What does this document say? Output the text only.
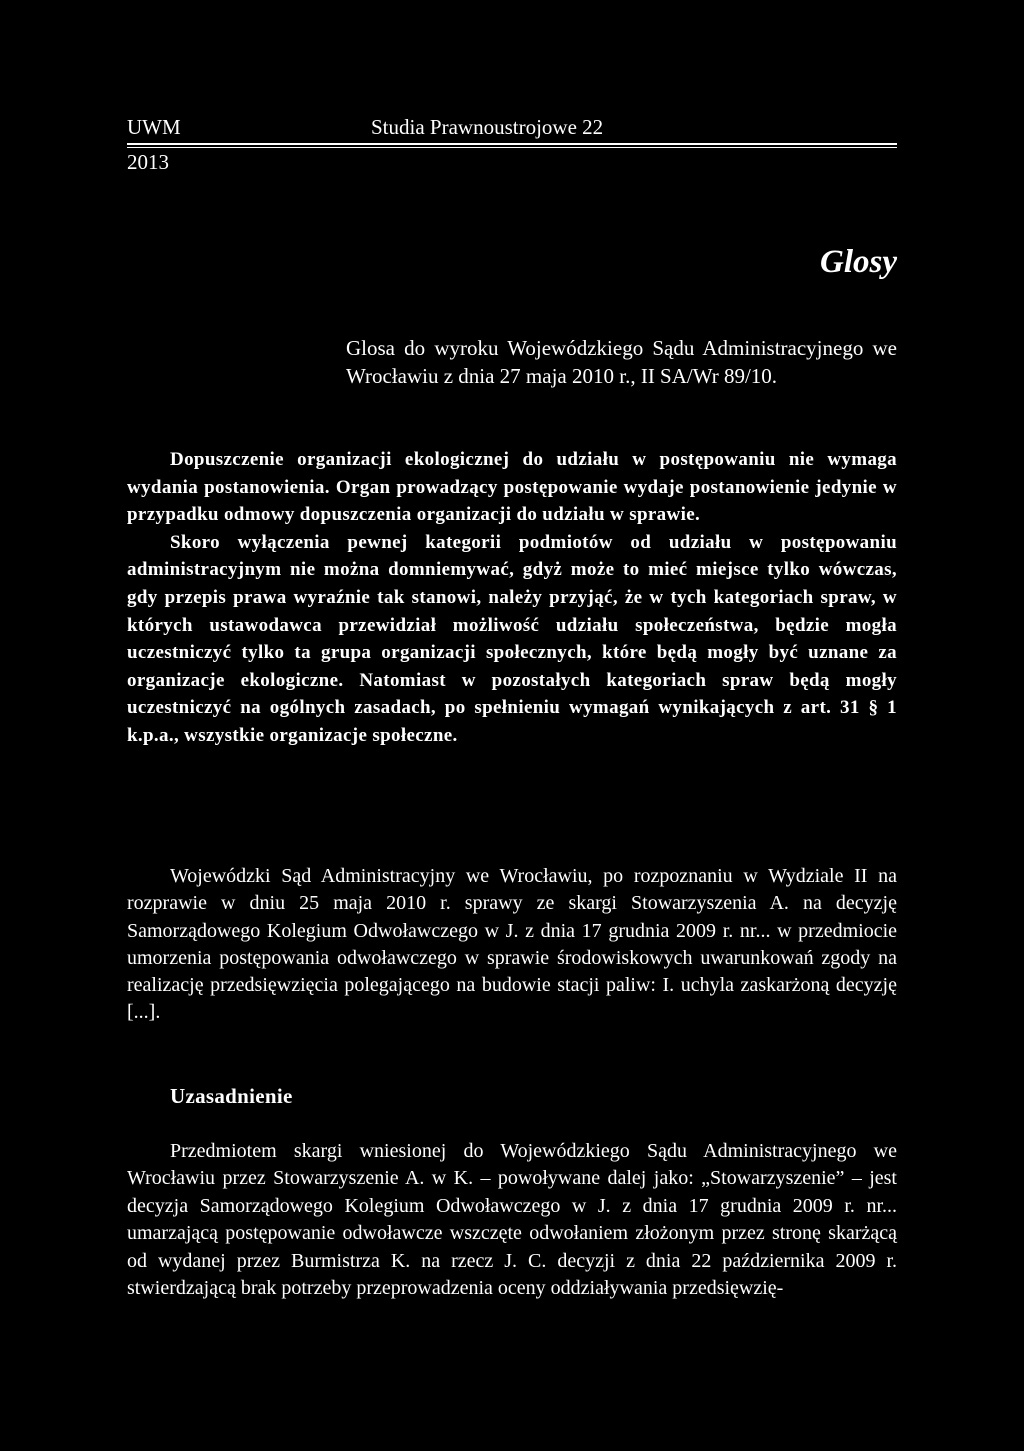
UWM	Studia Prawnoustrojowe 22
2013
Glosy
Glosa do wyroku Wojewódzkiego Sądu Administracyjnego we Wrocławiu z dnia 27 maja 2010 r., II SA/Wr 89/10.

Dopuszczenie organizacji ekologicznej do udziału w postępowaniu nie wymaga wydania postanowienia. Organ prowadzący postępowanie wydaje postanowienie jedynie w przypadku odmowy dopuszczenia organizacji do udziału w sprawie.

Skoro wyłączenia pewnej kategorii podmiotów od udziału w postępowaniu administracyjnym nie można domniemywać, gdyż może to mieć miejsce tylko wówczas, gdy przepis prawa wyraźnie tak stanowi, należy przyjąć, że w tych kategoriach spraw, w których ustawodawca przewidział możliwość udziału społeczeństwa, będzie mogła uczestniczyć tylko ta grupa organizacji społecznych, które będą mogły być uznane za organizacje ekologiczne. Natomiast w pozostałych kategoriach spraw będą mogły uczestniczyć na ogólnych zasadach, po spełnieniu wymagań wynikających z art. 31 § 1 k.p.a., wszystkie organizacje społeczne.

Wojewódzki Sąd Administracyjny we Wrocławiu, po rozpoznaniu w Wydziale II na rozprawie w dniu 25 maja 2010 r. sprawy ze skargi Stowarzyszenia A. na decyzję Samorządowego Kolegium Odwoławczego w J. z dnia 17 grudnia 2009 r. nr... w przedmiocie umorzenia postępowania odwoławczego w sprawie środowiskowych uwarunkowań zgody na realizację przedsięwzięcia polegającego na budowie stacji paliw: I. uchyla zaskarżoną decyzję [...].

Uzasadnienie

Przedmiotem skargi wniesionej do Wojewódzkiego Sądu Administracyjnego we Wrocławiu przez Stowarzyszenie A. w K. – powoływane dalej jako: „Stowarzyszenie” – jest decyzja Samorządowego Kolegium Odwoławczego w J. z dnia 17 grudnia 2009 r. nr... umarzającą postępowanie odwoławcze wszczęte odwołaniem złożonym przez stronę skarżącą od wydanej przez Burmistrza K. na rzecz J. C. decyzji z dnia 22 października 2009 r. stwierdzającą brak potrzeby przeprowadzenia oceny oddziaływania przedsięwzię-
